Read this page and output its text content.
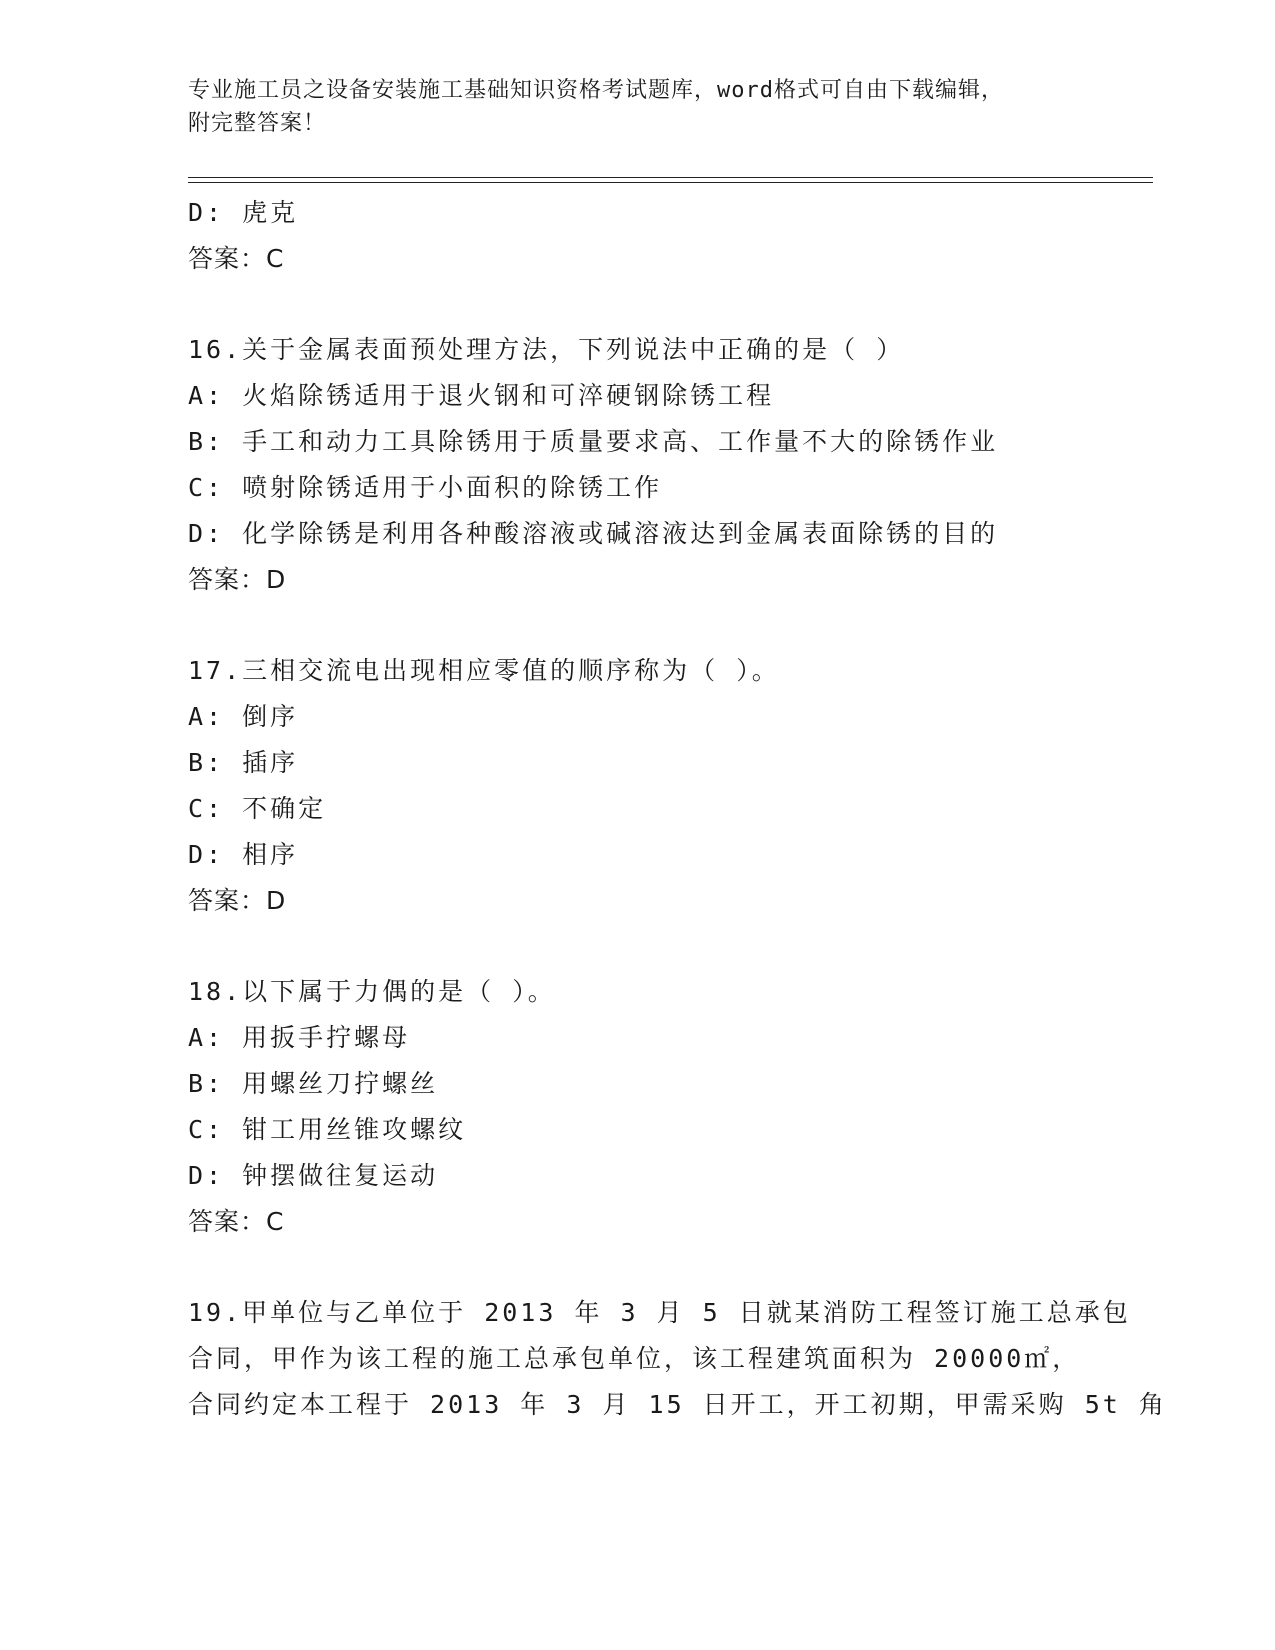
专业施工员之设备安装施工基础知识资格考试题库，word格式可自由下载编辑，
附完整答案！
D: 虎克
答案：C
16.关于金属表面预处理方法，下列说法中正确的是（ ）
A: 火焰除锈适用于退火钢和可淬硬钢除锈工程
B: 手工和动力工具除锈用于质量要求高、工作量不大的除锈作业
C: 喷射除锈适用于小面积的除锈工作
D: 化学除锈是利用各种酸溶液或碱溶液达到金属表面除锈的目的
答案：D
17.三相交流电出现相应零值的顺序称为（ ）。
A: 倒序
B: 插序
C: 不确定
D: 相序
答案：D
18.以下属于力偶的是（ ）。
A: 用扳手拧螺母
B: 用螺丝刀拧螺丝
C: 钳工用丝锥攻螺纹
D: 钟摆做往复运动
答案：C
19.甲单位与乙单位于 2013 年 3 月 5 日就某消防工程签订施工总承包
合同，甲作为该工程的施工总承包单位，该工程建筑面积为 20000㎡，
合同约定本工程于 2013 年 3 月 15 日开工，开工初期，甲需采购 5t 角
